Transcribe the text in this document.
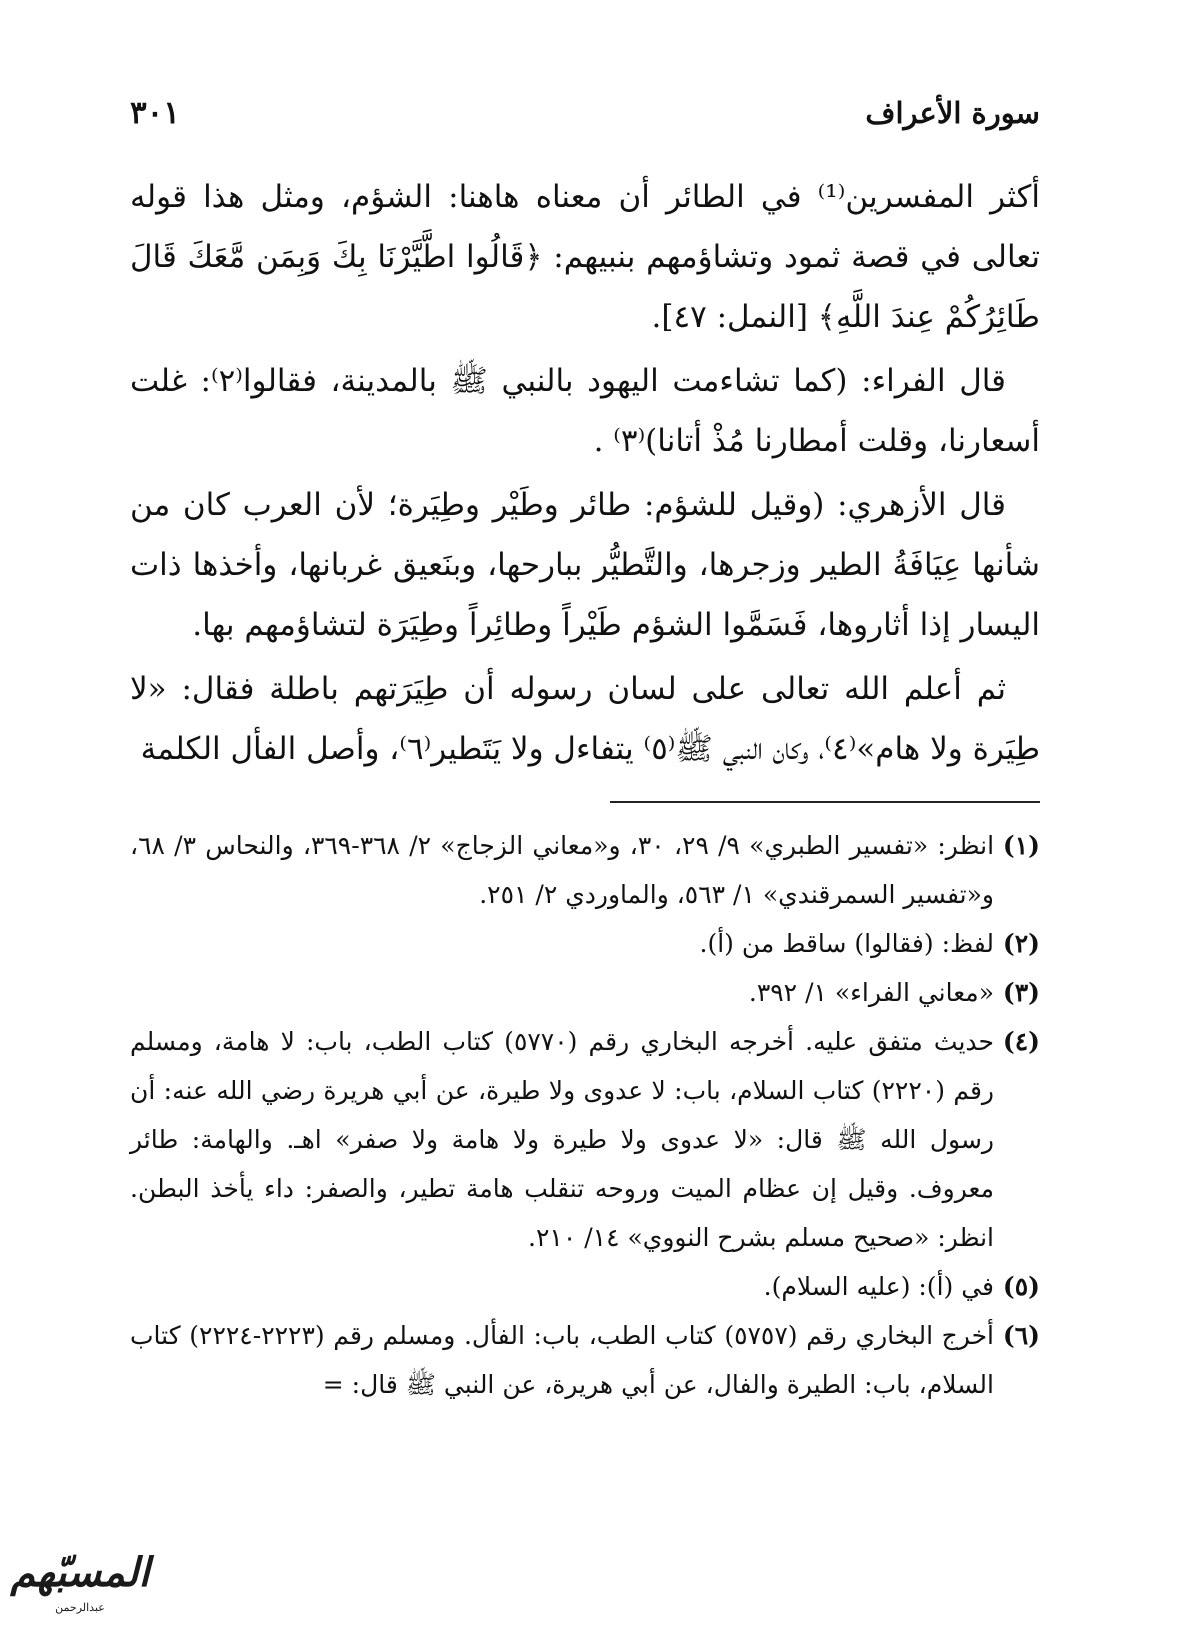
سورة الأعراف
٣٠١

أكثر المفسرين⁽¹⁾ في الطائر أن معناه هاهنا: الشؤم، ومثل هذا قوله تعالى في قصة ثمود وتشاؤمهم بنبيهم: ﴿قَالُوا اطَّيَّرْنَا بِكَ وَبِمَن مَّعَكَ قَالَ طَائِرُكُمْ عِندَ اللَّهِ﴾ [النمل: ٤٧].

قال الفراء: (كما تشاءمت اليهود بالنبي ﷺ بالمدينة، فقالوا⁽٢⁾: غلت أسعارنا، وقلت أمطارنا مُذْ أتانا)⁽٣⁾ .

قال الأزهري: (وقيل للشؤم: طائر وطَيْر وطِيَرة؛ لأن العرب كان من شأنها عِيَافَةُ الطير وزجرها، والتَّطيُّر ببارحها، وبنَعيق غربانها، وأخذها ذات اليسار إذا أثاروها، فَسَمَّوا الشؤم طَيْراً وطائِراً وطِيَرَة لتشاؤمهم بها.

ثم أعلم الله تعالى على لسان رسوله أن طِيَرَتهم باطلة فقال: «لا طِيَرة ولا هام»⁽٤⁾، وكان النبي ﷺ⁽٥⁾ يتفاءل ولا يَتَطير⁽٦⁾، وأصل الفأل الكلمة

(١)
انظر: «تفسير الطبري» ٩/ ٢٩، ٣٠، و«معاني الزجاج» ٢/ ٣٦٨-٣٦٩، والنحاس ٣/ ٦٨، و«تفسير السمرقندي» ١/ ٥٦٣، والماوردي ٢/ ٢٥١.
(٢)
لفظ: (فقالوا) ساقط من (أ).
(٣)
«معاني الفراء» ١/ ٣٩٢.
(٤)
حديث متفق عليه. أخرجه البخاري رقم (٥٧٧٠) كتاب الطب، باب: لا هامة، ومسلم رقم (٢٢٢٠) كتاب السلام، باب: لا عدوى ولا طيرة، عن أبي هريرة رضي الله عنه: أن رسول الله ﷺ قال: «لا عدوى ولا طيرة ولا هامة ولا صفر» اهـ. والهامة: طائر معروف. وقيل إن عظام الميت وروحه تنقلب هامة تطير، والصفر: داء يأخذ البطن. انظر: «صحيح مسلم بشرح النووي» ١٤/ ٢١٠.
(٥)
في (أ): (عليه السلام).
(٦)
أخرج البخاري رقم (٥٧٥٧) كتاب الطب، باب: الفأل. ومسلم رقم (٢٢٢٣-٢٢٢٤) كتاب السلام، باب: الطيرة والفال، عن أبي هريرة، عن النبي ﷺ قال: =
المسبّهم
عبدالرحمن
